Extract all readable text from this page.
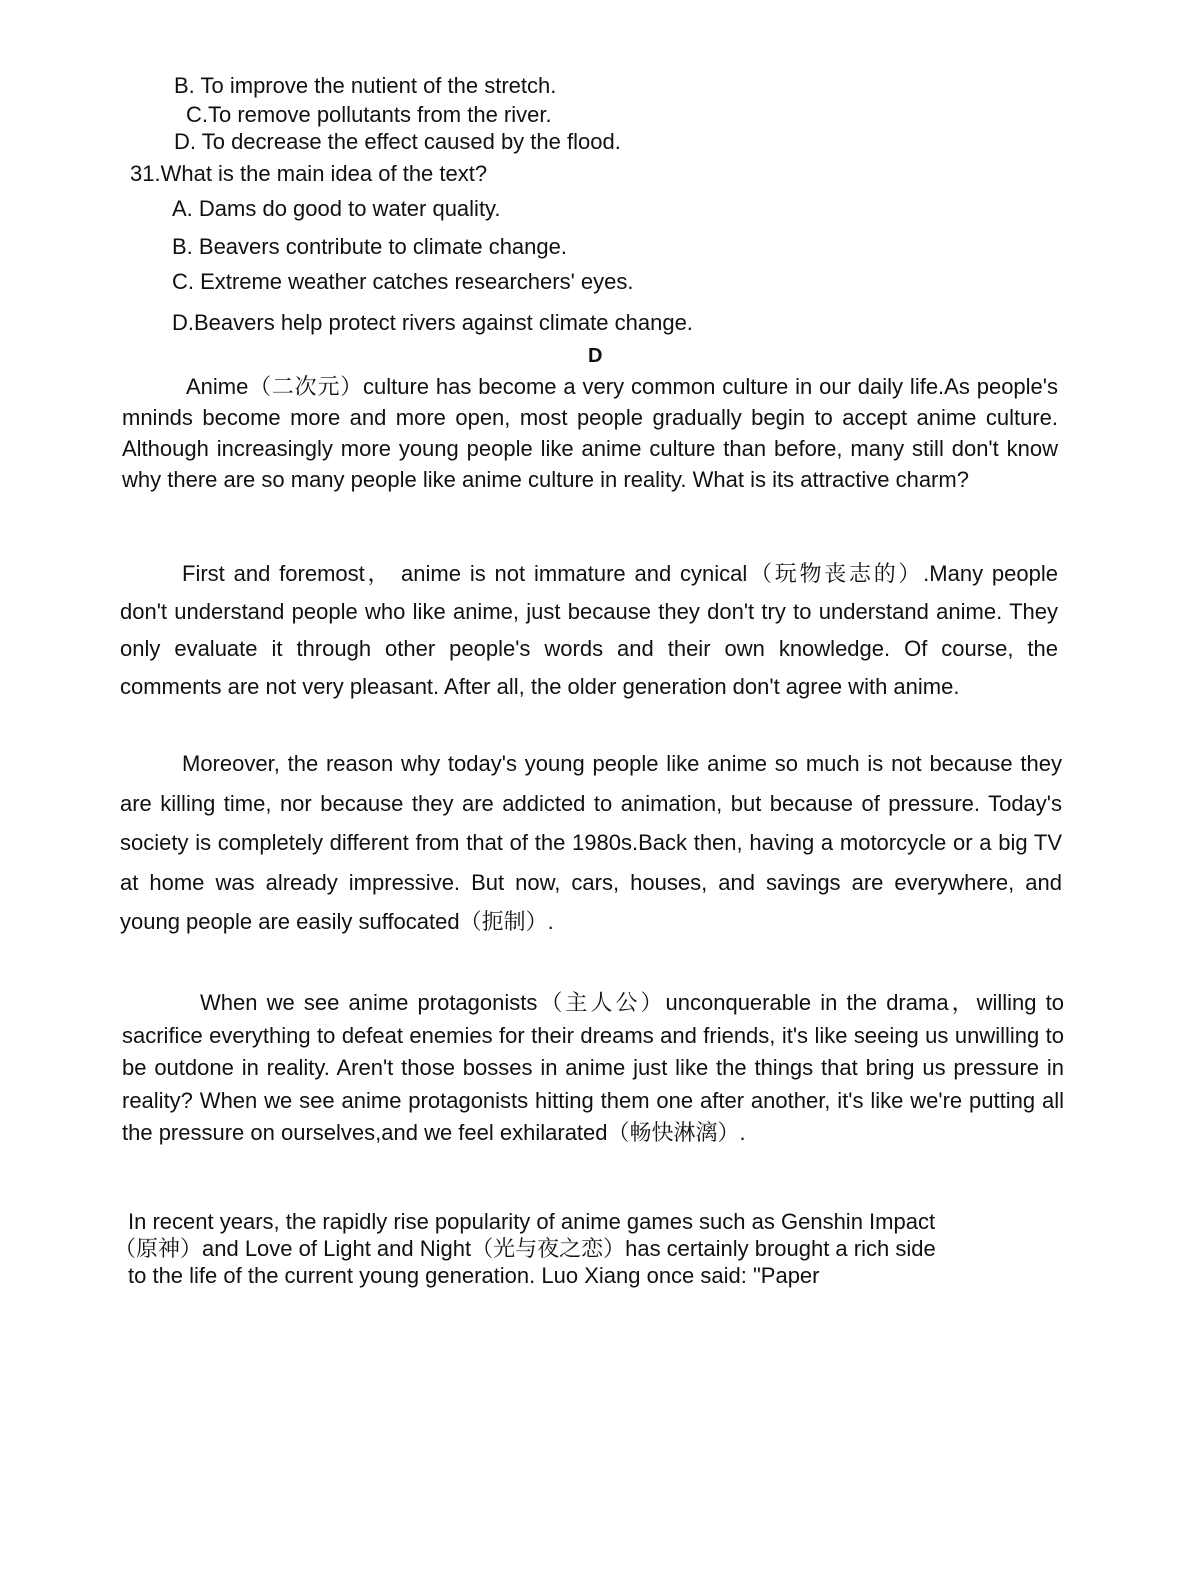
B. To improve the nutient of the stretch.
C.To remove pollutants from the river.
D. To decrease the effect caused by the flood.
31.What is the main idea of the text?
A. Dams do good to water quality.
B. Beavers contribute to climate change.
C. Extreme weather catches researchers' eyes.
D.Beavers help protect rivers against climate change.
D

Anime（二次元）culture has become a very common culture in our daily life.As people's mninds become more and more open, most people gradually begin to accept anime culture. Although increasingly more young people like anime culture than before, many still don't know why there are so many people like anime culture in reality. What is its attractive charm?

First and foremost， anime is not immature and cynical（玩物丧志的）.Many people don't understand people who like anime, just because they don't try to understand anime. They only evaluate it through other people's words and their own knowledge. Of course, the comments are not very pleasant. After all, the older generation don't agree with anime.

Moreover, the reason why today's young people like anime so much is not because they are killing time, nor because they are addicted to animation, but because of pressure. Today's society is completely different from that of the 1980s.Back then, having a motorcycle or a big TV at home was already impressive. But now, cars, houses, and savings are everywhere, and young people are easily suffocated（扼制）.

When we see anime protagonists（主人公）unconquerable in the drama，willing to sacrifice everything to defeat enemies for their dreams and friends, it's like seeing us unwilling to be outdone in reality. Aren't those bosses in anime just like the things that bring us pressure in reality? When we see anime protagonists hitting them one after another, it's like we're putting all the pressure on ourselves,and we feel exhilarated（畅快淋漓）.

In recent years, the rapidly rise popularity of anime games such as Genshin Impact
（原神）and Love of Light and Night（光与夜之恋）has certainly brought a rich side
to the life of the current young generation. Luo Xiang once said: "Paper
